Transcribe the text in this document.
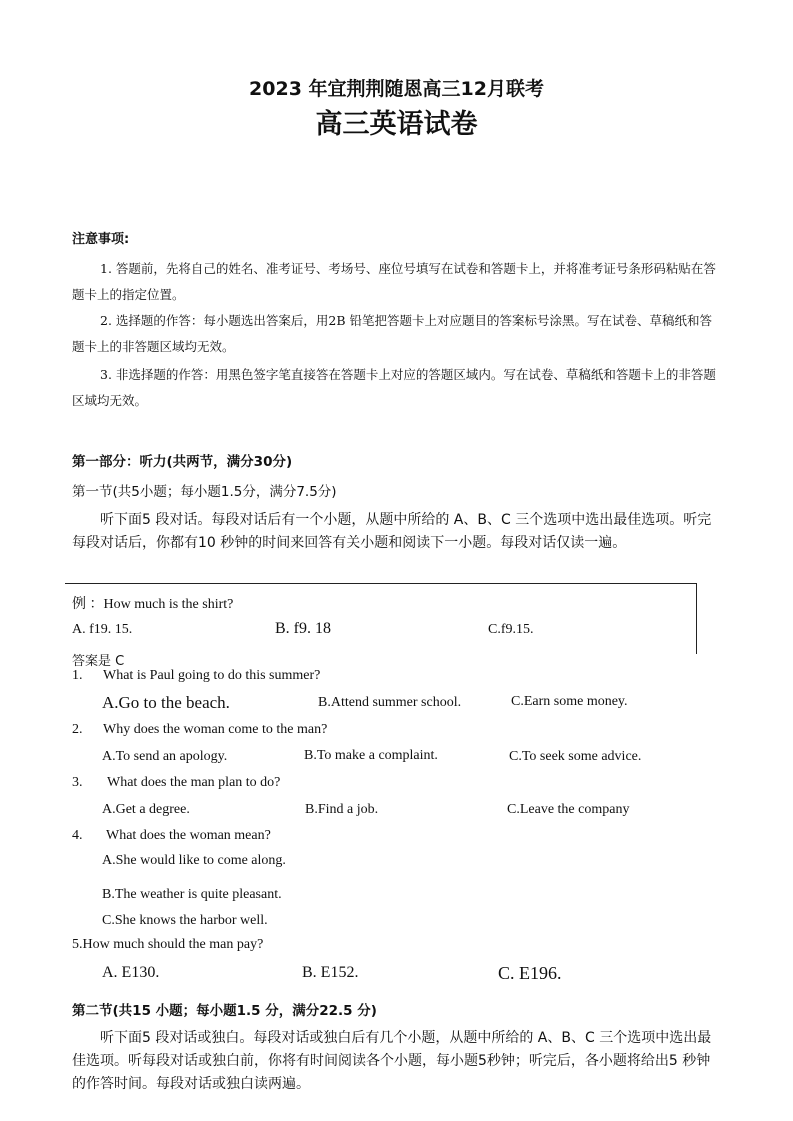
2023 年宜荆荆随恩高三12月联考
高三英语试卷
注意事项:
1. 答题前，先将自己的姓名、准考证号、考场号、座位号填写在试卷和答题卡上，并将准考证号条形码粘贴在答题卡上的指定位置。
2. 选择题的作答：每小题选出答案后，用2B 铅笔把答题卡上对应题目的答案标号涂黑。写在试卷、草稿纸和答题卡上的非答题区域均无效。
3. 非选择题的作答：用黑色签字笔直接答在答题卡上对应的答题区域内。写在试卷、草稿纸和答题卡上的非答题区域均无效。
第一部分：听力(共两节，满分30分)
第一节(共5小题；每小题1.5分，满分7.5分)
听下面5 段对话。每段对话后有一个小题，从题中所给的 A、B、C 三个选项中选出最佳选项。听完每段对话后，你都有10 秒钟的时间来回答有关小题和阅读下一小题。每段对话仅读一遍。
例 ：How much is the shirt?
A. f19. 15.	B. f9. 18	C.f9.15.
答案是 C
1. What is Paul going to do this summer?
A.Go to the beach.	B.Attend summer school.	C.Earn some money.
2. Why does the woman come to the man?
A.To send an apology.	B.To make a complaint.	C.To seek some advice.
3. What does the man plan to do?
A.Get a degree.	B.Find a job.	C.Leave the company
4. What does the woman mean?
A.She would like to come along.
B.The weather is quite pleasant.
C.She knows the harbor well.
5.How much should the man pay?
A. E130.	B. E152.	C. E196.
第二节(共15 小题；每小题1.5 分，满分22.5 分)
听下面5 段对话或独白。每段对话或独白后有几个小题，从题中所给的 A、B、C 三个选项中选出最佳选项。听每段对话或独白前，你将有时间阅读各个小题，每小题5秒钟；听完后，各小题将给出5 秒钟的作答时间。每段对话或独白读两遍。
